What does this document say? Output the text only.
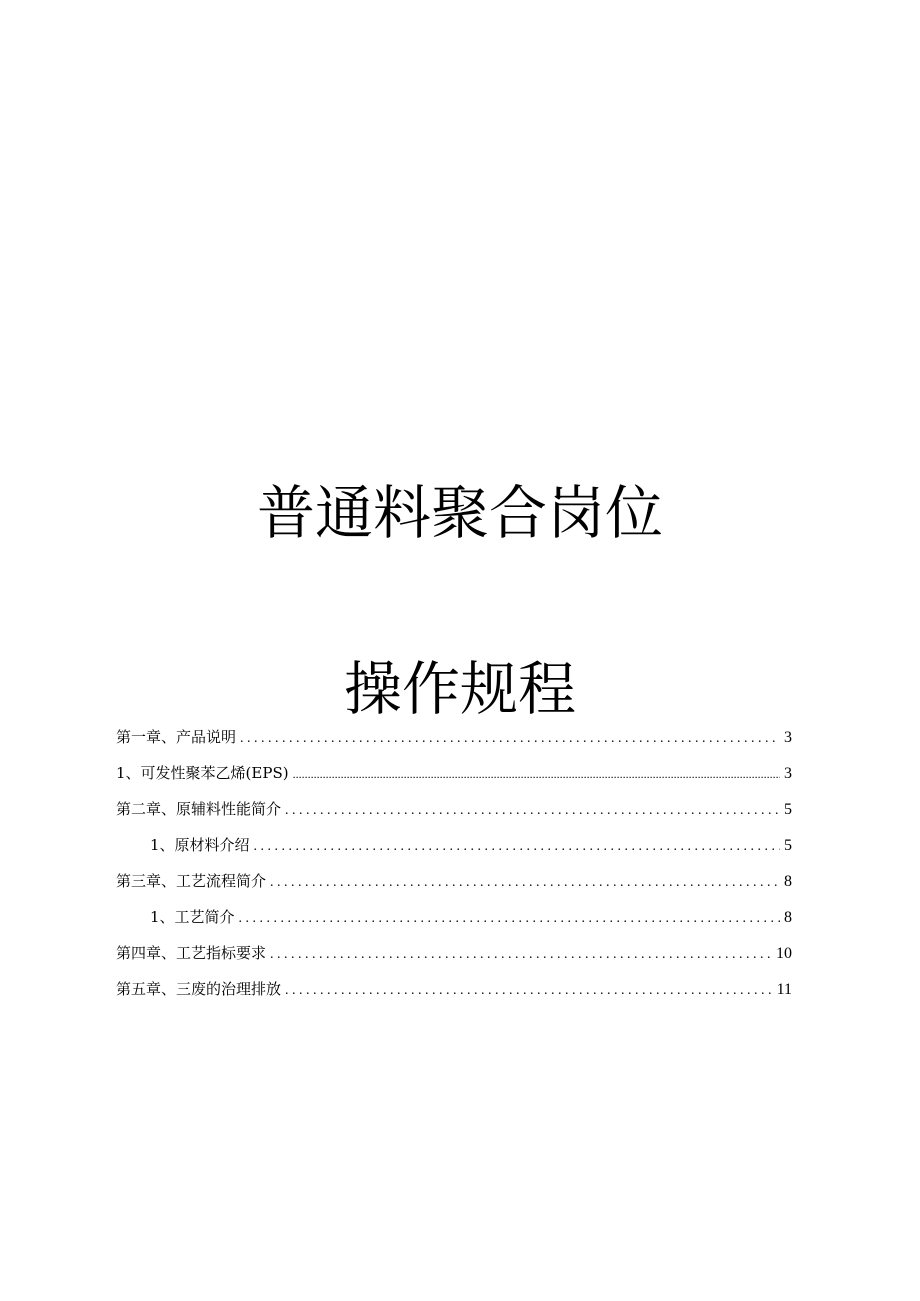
普通料聚合岗位
操作规程
第一章、产品说明 . . .	3
1、可发性聚苯乙烯(EPS) .....	3
第二章、原辅料性能简介 . . .	5
1、原材料介绍 . . .	5
第三章、工艺流程简介 . . .	8
1、工艺简介 . . .	8
第四章、工艺指标要求 . . .	10
第五章、三废的治理排放 . . .	11
